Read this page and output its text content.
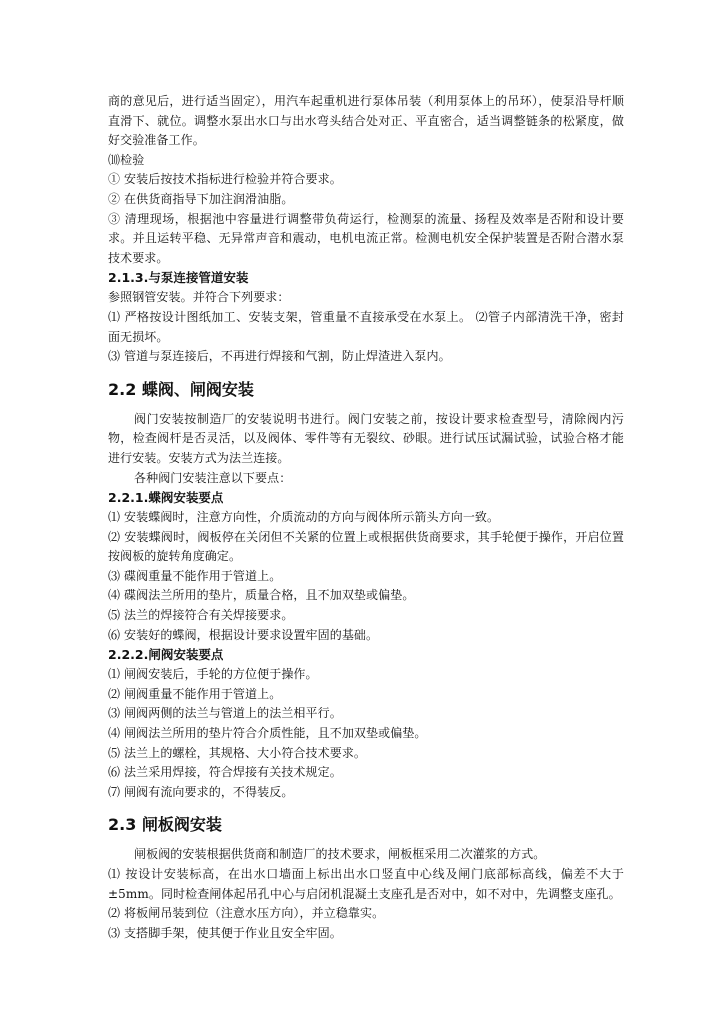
商的意见后，进行适当固定），用汽车起重机进行泵体吊装（利用泵体上的吊环），使泵沿导杆顺直滑下、就位。调整水泵出水口与出水弯头结合处对正、平直密合，适当调整链条的松紧度，做好交验准备工作。

⑽检验

① 安装后按技术指标进行检验并符合要求。

② 在供货商指导下加注润滑油脂。

③ 清理现场，根据池中容量进行调整带负荷运行，检测泵的流量、扬程及效率是否附和设计要求。并且运转平稳、无异常声音和震动，电机电流正常。检测电机安全保护装置是否附合潜水泵技术要求。

2.1.3.与泵连接管道安装

参照钢管安装。并符合下列要求：

⑴ 严格按设计图纸加工、安装支架，管重量不直接承受在水泵上。 ⑵管子内部清洗干净，密封面无损坏。

⑶ 管道与泵连接后，不再进行焊接和气割，防止焊渣进入泵内。

2.2 蝶阀、闸阀安装

阀门安装按制造厂的安装说明书进行。阀门安装之前，按设计要求检查型号，清除阀内污物，检查阀杆是否灵活，以及阀体、零件等有无裂纹、砂眼。进行试压试漏试验，试验合格才能进行安装。安装方式为法兰连接。

各种阀门安装注意以下要点：

2.2.1.蝶阀安装要点

⑴ 安装蝶阀时，注意方向性，介质流动的方向与阀体所示箭头方向一致。

⑵ 安装蝶阀时，阀板停在关闭但不关紧的位置上或根据供货商要求，其手轮便于操作，开启位置按阀板的旋转角度确定。

⑶ 碟阀重量不能作用于管道上。

⑷ 碟阀法兰所用的垫片，质量合格，且不加双垫或偏垫。

⑸ 法兰的焊接符合有关焊接要求。

⑹ 安装好的蝶阀，根据设计要求设置牢固的基础。

2.2.2.闸阀安装要点

⑴ 闸阀安装后，手轮的方位便于操作。

⑵ 闸阀重量不能作用于管道上。

⑶ 闸阀两侧的法兰与管道上的法兰相平行。

⑷ 闸阀法兰所用的垫片符合介质性能，且不加双垫或偏垫。

⑸ 法兰上的螺栓，其规格、大小符合技术要求。

⑹ 法兰采用焊接，符合焊接有关技术规定。

⑺ 闸阀有流向要求的，不得装反。

2.3 闸板阀安装

闸板阀的安装根据供货商和制造厂的技术要求，闸板框采用二次灌浆的方式。

⑴ 按设计安装标高，在出水口墙面上标出出水口竖直中心线及闸门底部标高线，偏差不大于±5mm。同时检查闸体起吊孔中心与启闭机混凝土支座孔是否对中，如不对中，先调整支座孔。

⑵ 将板闸吊装到位（注意水压方向），并立稳靠实。

⑶ 支搭脚手架，使其便于作业且安全牢固。
